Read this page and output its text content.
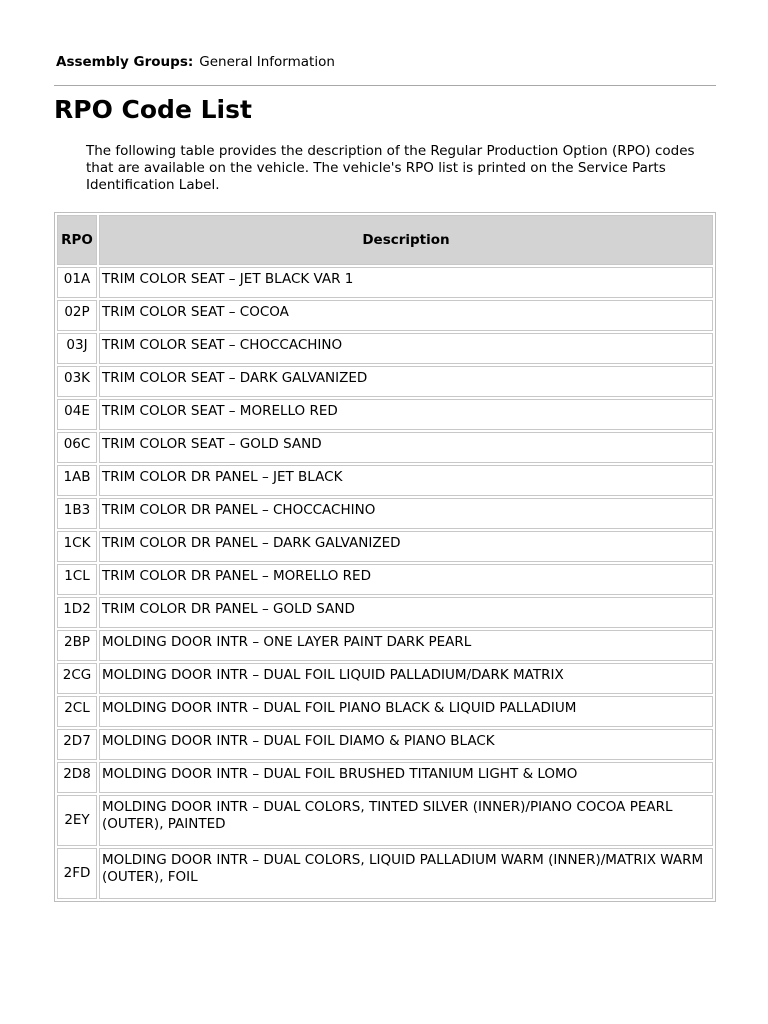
Assembly Groups: General Information
RPO Code List

The following table provides the description of the Regular Production Option (RPO) codes that are available on the vehicle. The vehicle's RPO list is printed on the Service Parts Identification Label.

RPO	Description
01A	TRIM COLOR SEAT – JET BLACK VAR 1
02P	TRIM COLOR SEAT – COCOA
03J	TRIM COLOR SEAT – CHOCCACHINO
03K	TRIM COLOR SEAT – DARK GALVANIZED
04E	TRIM COLOR SEAT – MORELLO RED
06C	TRIM COLOR SEAT – GOLD SAND
1AB	TRIM COLOR DR PANEL – JET BLACK
1B3	TRIM COLOR DR PANEL – CHOCCACHINO
1CK	TRIM COLOR DR PANEL – DARK GALVANIZED
1CL	TRIM COLOR DR PANEL – MORELLO RED
1D2	TRIM COLOR DR PANEL – GOLD SAND
2BP	MOLDING DOOR INTR – ONE LAYER PAINT DARK PEARL
2CG	MOLDING DOOR INTR – DUAL FOIL LIQUID PALLADIUM/DARK MATRIX
2CL	MOLDING DOOR INTR – DUAL FOIL PIANO BLACK & LIQUID PALLADIUM
2D7	MOLDING DOOR INTR – DUAL FOIL DIAMO & PIANO BLACK
2D8	MOLDING DOOR INTR – DUAL FOIL BRUSHED TITANIUM LIGHT & LOMO
2EY	MOLDING DOOR INTR – DUAL COLORS, TINTED SILVER (INNER)/PIANO COCOA PEARL (OUTER), PAINTED
2FD	MOLDING DOOR INTR – DUAL COLORS, LIQUID PALLADIUM WARM (INNER)/MATRIX WARM (OUTER), FOIL
